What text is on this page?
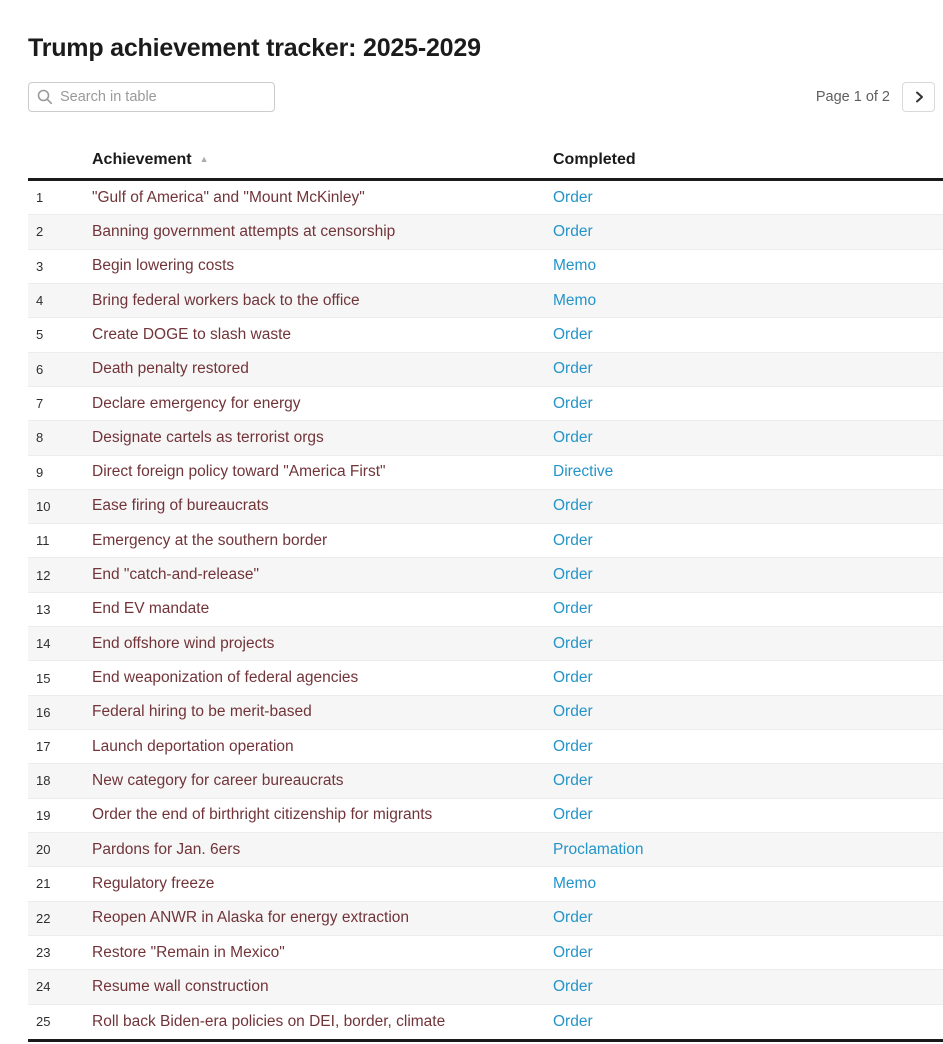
Trump achievement tracker: 2025-2029
Search in table
Page 1 of 2
Achievement ▲	Completed
1	"Gulf of America" and "Mount McKinley"	Order
2	Banning government attempts at censorship	Order
3	Begin lowering costs	Memo
4	Bring federal workers back to the office	Memo
5	Create DOGE to slash waste	Order
6	Death penalty restored	Order
7	Declare emergency for energy	Order
8	Designate cartels as terrorist orgs	Order
9	Direct foreign policy toward "America First"	Directive
10	Ease firing of bureaucrats	Order
11	Emergency at the southern border	Order
12	End "catch-and-release"	Order
13	End EV mandate	Order
14	End offshore wind projects	Order
15	End weaponization of federal agencies	Order
16	Federal hiring to be merit-based	Order
17	Launch deportation operation	Order
18	New category for career bureaucrats	Order
19	Order the end of birthright citizenship for migrants	Order
20	Pardons for Jan. 6ers	Proclamation
21	Regulatory freeze	Memo
22	Reopen ANWR in Alaska for energy extraction	Order
23	Restore "Remain in Mexico"	Order
24	Resume wall construction	Order
25	Roll back Biden-era policies on DEI, border, climate	Order
